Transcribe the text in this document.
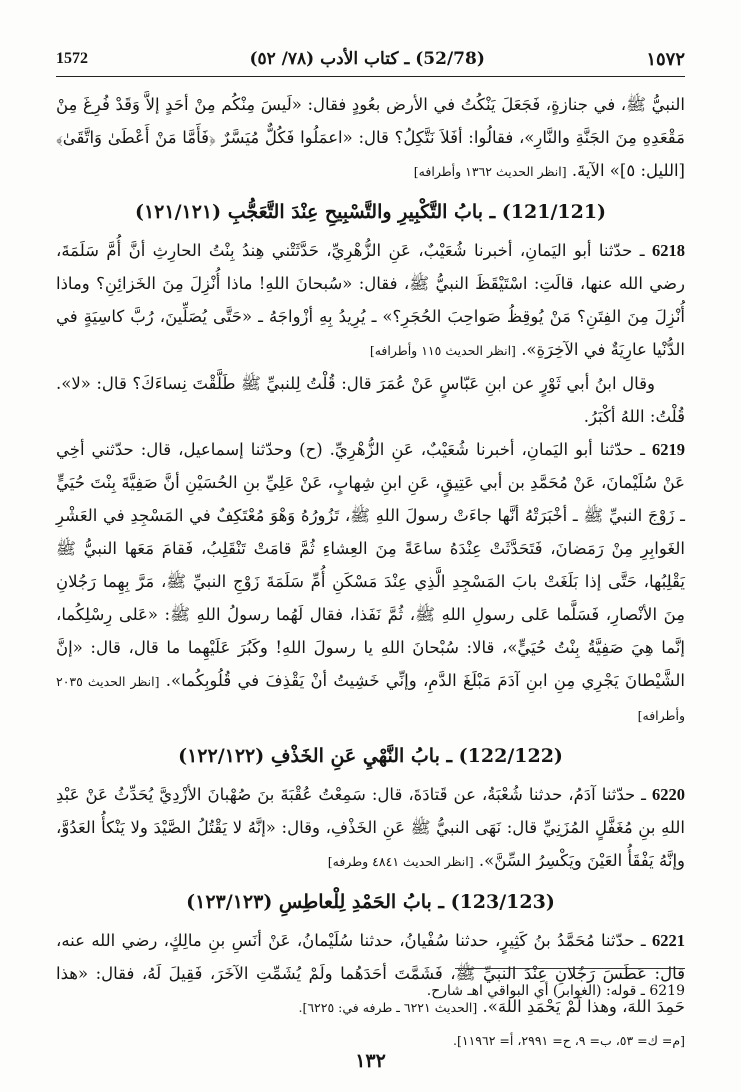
1572	(52/78) ـ كتاب الأدب (٧٨/ ٥٢)	١٥٧٢

النبيُّ ﷺ، في جنازةٍ، فَجَعَلَ يَنْكُتُ في الأرض بعُودٍ فقال: «لَيسَ مِنْكُم مِنْ أحَدٍ إلاَّ وَقَدْ فُرِغَ مِنْ مَقْعَدِهِ مِنَ الجَنَّةِ والنَّارِ»، فقالُوا: أفَلاَ نَتَّكِلُ؟ قال: «اعمَلُوا فَكُلٌّ مُيَسَّرٌ ﴿فَأَمَّا مَنْ أَعْطَىٰ وَاتَّقَىٰ﴾ [الليل: ٥]» الآيةَ. [انظر الحديث ١٣٦٢ وأطرافه]

(121/121) ـ بابُ التَّكْبِيرِ والتَّسْبِيحِ عِنْدَ التَّعَجُّبِ (١٢١/١٢١)

6218 ـ حدّثنا أبو اليَمانِ، أخبرنا شُعَيْبٌ، عَنِ الزُّهْرِيِّ، حَدَّثَتْني هِندُ بِنْتُ الحارِثِ أنَّ أُمَّ سَلَمَةَ، رضي الله عنها، قالَتِ: اسْتَيْقَظَ النبيُّ ﷺ، فقال: «سُبحانَ اللهِ! ماذا أُنْزِلَ مِنَ الخَزائِنِ؟ وماذا أُنْزِلَ مِنَ الفِتَنِ؟ مَنْ يُوقِظُ صَواحِبَ الحُجَرِ؟» ـ يُرِيدُ بِهِ أزْواجَهُ ـ «حَتَّى يُصَلِّينَ، رُبَّ كاسِيَةٍ في الدُّنْيا عارِيَةٌ في الآخِرَةِ». [انظر الحديث ١١٥ وأطرافه]

وقال ابنُ أبي ثَوْرٍ عن ابنِ عَبّاسٍ عَنْ عُمَرَ قال: قُلْتُ لِلنبيِّ ﷺ طَلَّقْتَ نِساءَكَ؟ قال: «لا». قُلْتُ: اللهُ أكْبَرُ.

6219 ـ حدّثنا أبو اليَمانِ، أخبرنا شُعَيْبٌ، عَنِ الزُّهْرِيِّ. (ح) وحدّثنا إسماعيل، قال: حدّثني أخِي عَنْ سُلَيْمانَ، عَنْ مُحَمَّدِ بن أبي عَتِيقٍ، عَنِ ابنِ شِهابٍ، عَنْ عَلِيِّ بنِ الحُسَيْنِ أنَّ صَفِيَّةَ بِنْتَ حُيَيٍّ ـ زَوْجَ النبيِّ ﷺ ـ أخْبَرَتْهُ أنَّها جاءَتْ رسولَ اللهِ ﷺ، تَزُورُهُ وَهْوَ مُعْتَكِفٌ في المَسْجِدِ في العَشْرِ الغَوابِرِ مِنْ رَمَضانَ، فَتَحَدَّثَتْ عِنْدَهُ ساعَةً مِنَ العِشاءِ ثُمَّ قامَتْ تَنْقَلِبُ، فَقامَ مَعَها النبيُّ ﷺ يَقْلِبُها، حَتَّى إذا بَلَغَتْ بابَ المَسْجِدِ الَّذِي عِنْدَ مَسْكَنِ أُمِّ سَلَمَةَ زَوْجِ النبيِّ ﷺ، مَرَّ بِهِما رَجُلانِ مِنَ الأنْصارِ، فَسَلَّما عَلى رسولِ اللهِ ﷺ، ثُمَّ نَفَذا، فقال لَهُما رسولُ اللهِ ﷺ: «عَلى رِسْلِكُما، إنَّما هِيَ صَفِيَّةُ بِنْتُ حُيَيٍّ»، قالا: سُبْحانَ اللهِ يا رسولَ اللهِ! وكَبُرَ عَلَيْهِما ما قال، قال: «إنَّ الشَّيْطانَ يَجْرِي مِنِ ابنِ آدَمَ مَبْلَغَ الدَّمِ، وإنِّي خَشِيتُ أنْ يَقْذِفَ في قُلُوبِكُما». [انظر الحديث ٢٠٣٥ وأطرافه]

(122/122) ـ بابُ النَّهْيِ عَنِ الخَذْفِ (١٢٢/١٢٢)

6220 ـ حدّثنا آدَمُ، حدثنا شُعْبَةُ، عن قَتادَةَ، قال: سَمِعْتُ عُقْبَةَ بنَ صُهْبانَ الأزْدِيَّ يُحَدِّثُ عَنْ عَبْدِ اللهِ بنِ مُغَفَّلٍ المُزَنِيِّ قال: نَهَى النبيُّ ﷺ عَنِ الخَذْفِ، وقال: «إنَّهُ لا يَقْتُلُ الصَّيْدَ ولا يَنْكأُ العَدُوَّ، وإنَّهُ يَفْقَأُ العَيْنَ ويَكْسِرُ السِّنَّ». [انظر الحديث ٤٨٤١ وطرفه]

(123/123) ـ بابُ الحَمْدِ لِلْعاطِسِ (١٢٣/١٢٣)

6221 ـ حدّثنا مُحَمَّدُ بنُ كَثِيرٍ، حدثنا سُفْيانُ، حدثنا سُلَيْمانُ، عَنْ أنَسِ بنِ مالِكٍ، رضي الله عنه، قال: عَطَسَ رَجُلانِ عِنْدَ النبيِّ ﷺ، فَشَمَّتَ أحَدَهُما ولَمْ يُشَمِّتِ الآخَرَ، فَقِيلَ لَهُ، فقال: «هذا حَمِدَ اللهَ، وهذا لَمْ يَحْمَدِ اللهَ». [الحديث ٦٢٢١ ـ طرفه في: ٦٢٢٥].

[م= ك= ٥٣، ب= ٩، ح= ٢٩٩١، أ= ١١٩٦٢].

6219 ـ قوله: (الغوابر) أي البواقي اهـ شارح.
١٣٢
